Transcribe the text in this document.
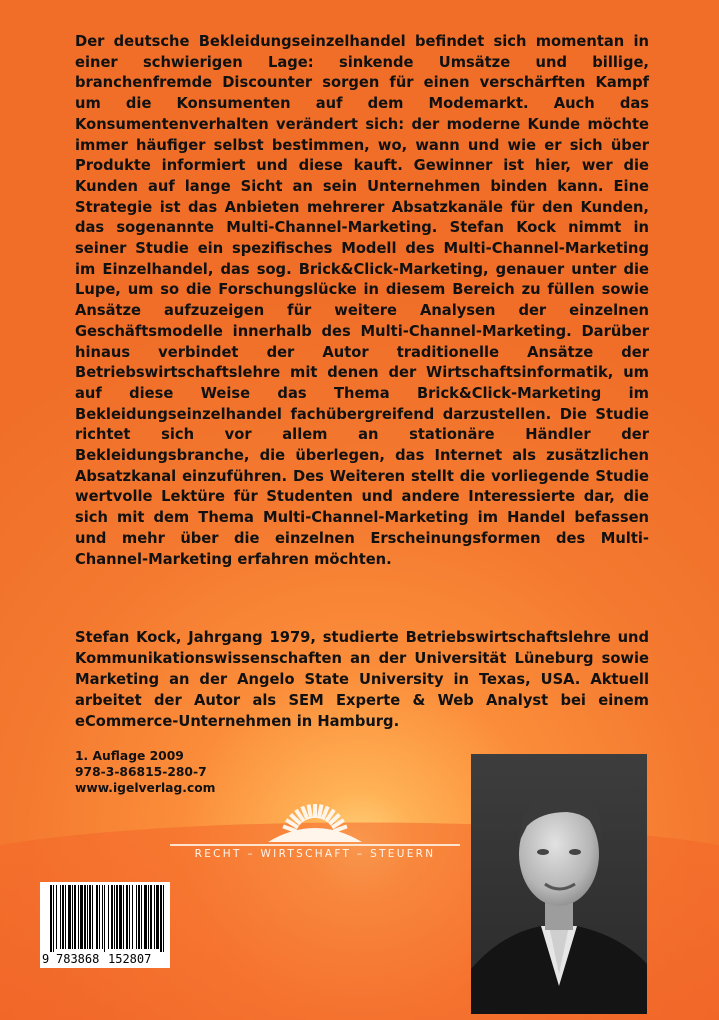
Der deutsche Bekleidungseinzelhandel befindet sich momentan in einer schwierigen Lage: sinkende Umsätze und billige, branchenfremde Discounter sorgen für einen verschärften Kampf um die Konsumenten auf dem Modemarkt. Auch das Konsumentenverhalten verändert sich: der moderne Kunde möchte immer häufiger selbst bestimmen, wo, wann und wie er sich über Produkte informiert und diese kauft. Gewinner ist hier, wer die Kunden auf lange Sicht an sein Unternehmen binden kann. Eine Strategie ist das Anbieten mehrerer Absatzkanäle für den Kunden, das sogenannte Multi-Channel-Marketing. Stefan Kock nimmt in seiner Studie ein spezifisches Modell des Multi-Channel-Marketing im Einzelhandel, das sog. Brick&Click-Marketing, genauer unter die Lupe, um so die Forschungslücke in diesem Bereich zu füllen sowie Ansätze aufzuzeigen für weitere Analysen der einzelnen Geschäftsmodelle innerhalb des Multi-Channel-Marketing. Darüber hinaus verbindet der Autor traditionelle Ansätze der Betriebswirtschaftslehre mit denen der Wirtschaftsinformatik, um auf diese Weise das Thema Brick&Click-Marketing im Bekleidungseinzelhandel fachübergreifend darzustellen. Die Studie richtet sich vor allem an stationäre Händler der Bekleidungsbranche, die überlegen, das Internet als zusätzlichen Absatzkanal einzuführen. Des Weiteren stellt die vorliegende Studie wertvolle Lektüre für Studenten und andere Interessierte dar, die sich mit dem Thema Multi-Channel-Marketing im Handel befassen und mehr über die einzelnen Erscheinungsformen des Multi-Channel-Marketing erfahren möchten.
Stefan Kock, Jahrgang 1979, studierte Betriebswirtschaftslehre und Kommunikationswissenschaften an der Universität Lüneburg sowie Marketing an der Angelo State University in Texas, USA. Aktuell arbeitet der Autor als SEM Experte & Web Analyst bei einem eCommerce-Unternehmen in Hamburg.
1. Auflage 2009
978-3-86815-280-7
www.igelverlag.com
RECHT – WIRTSCHAFT – STEUERN
9 783868 152807
